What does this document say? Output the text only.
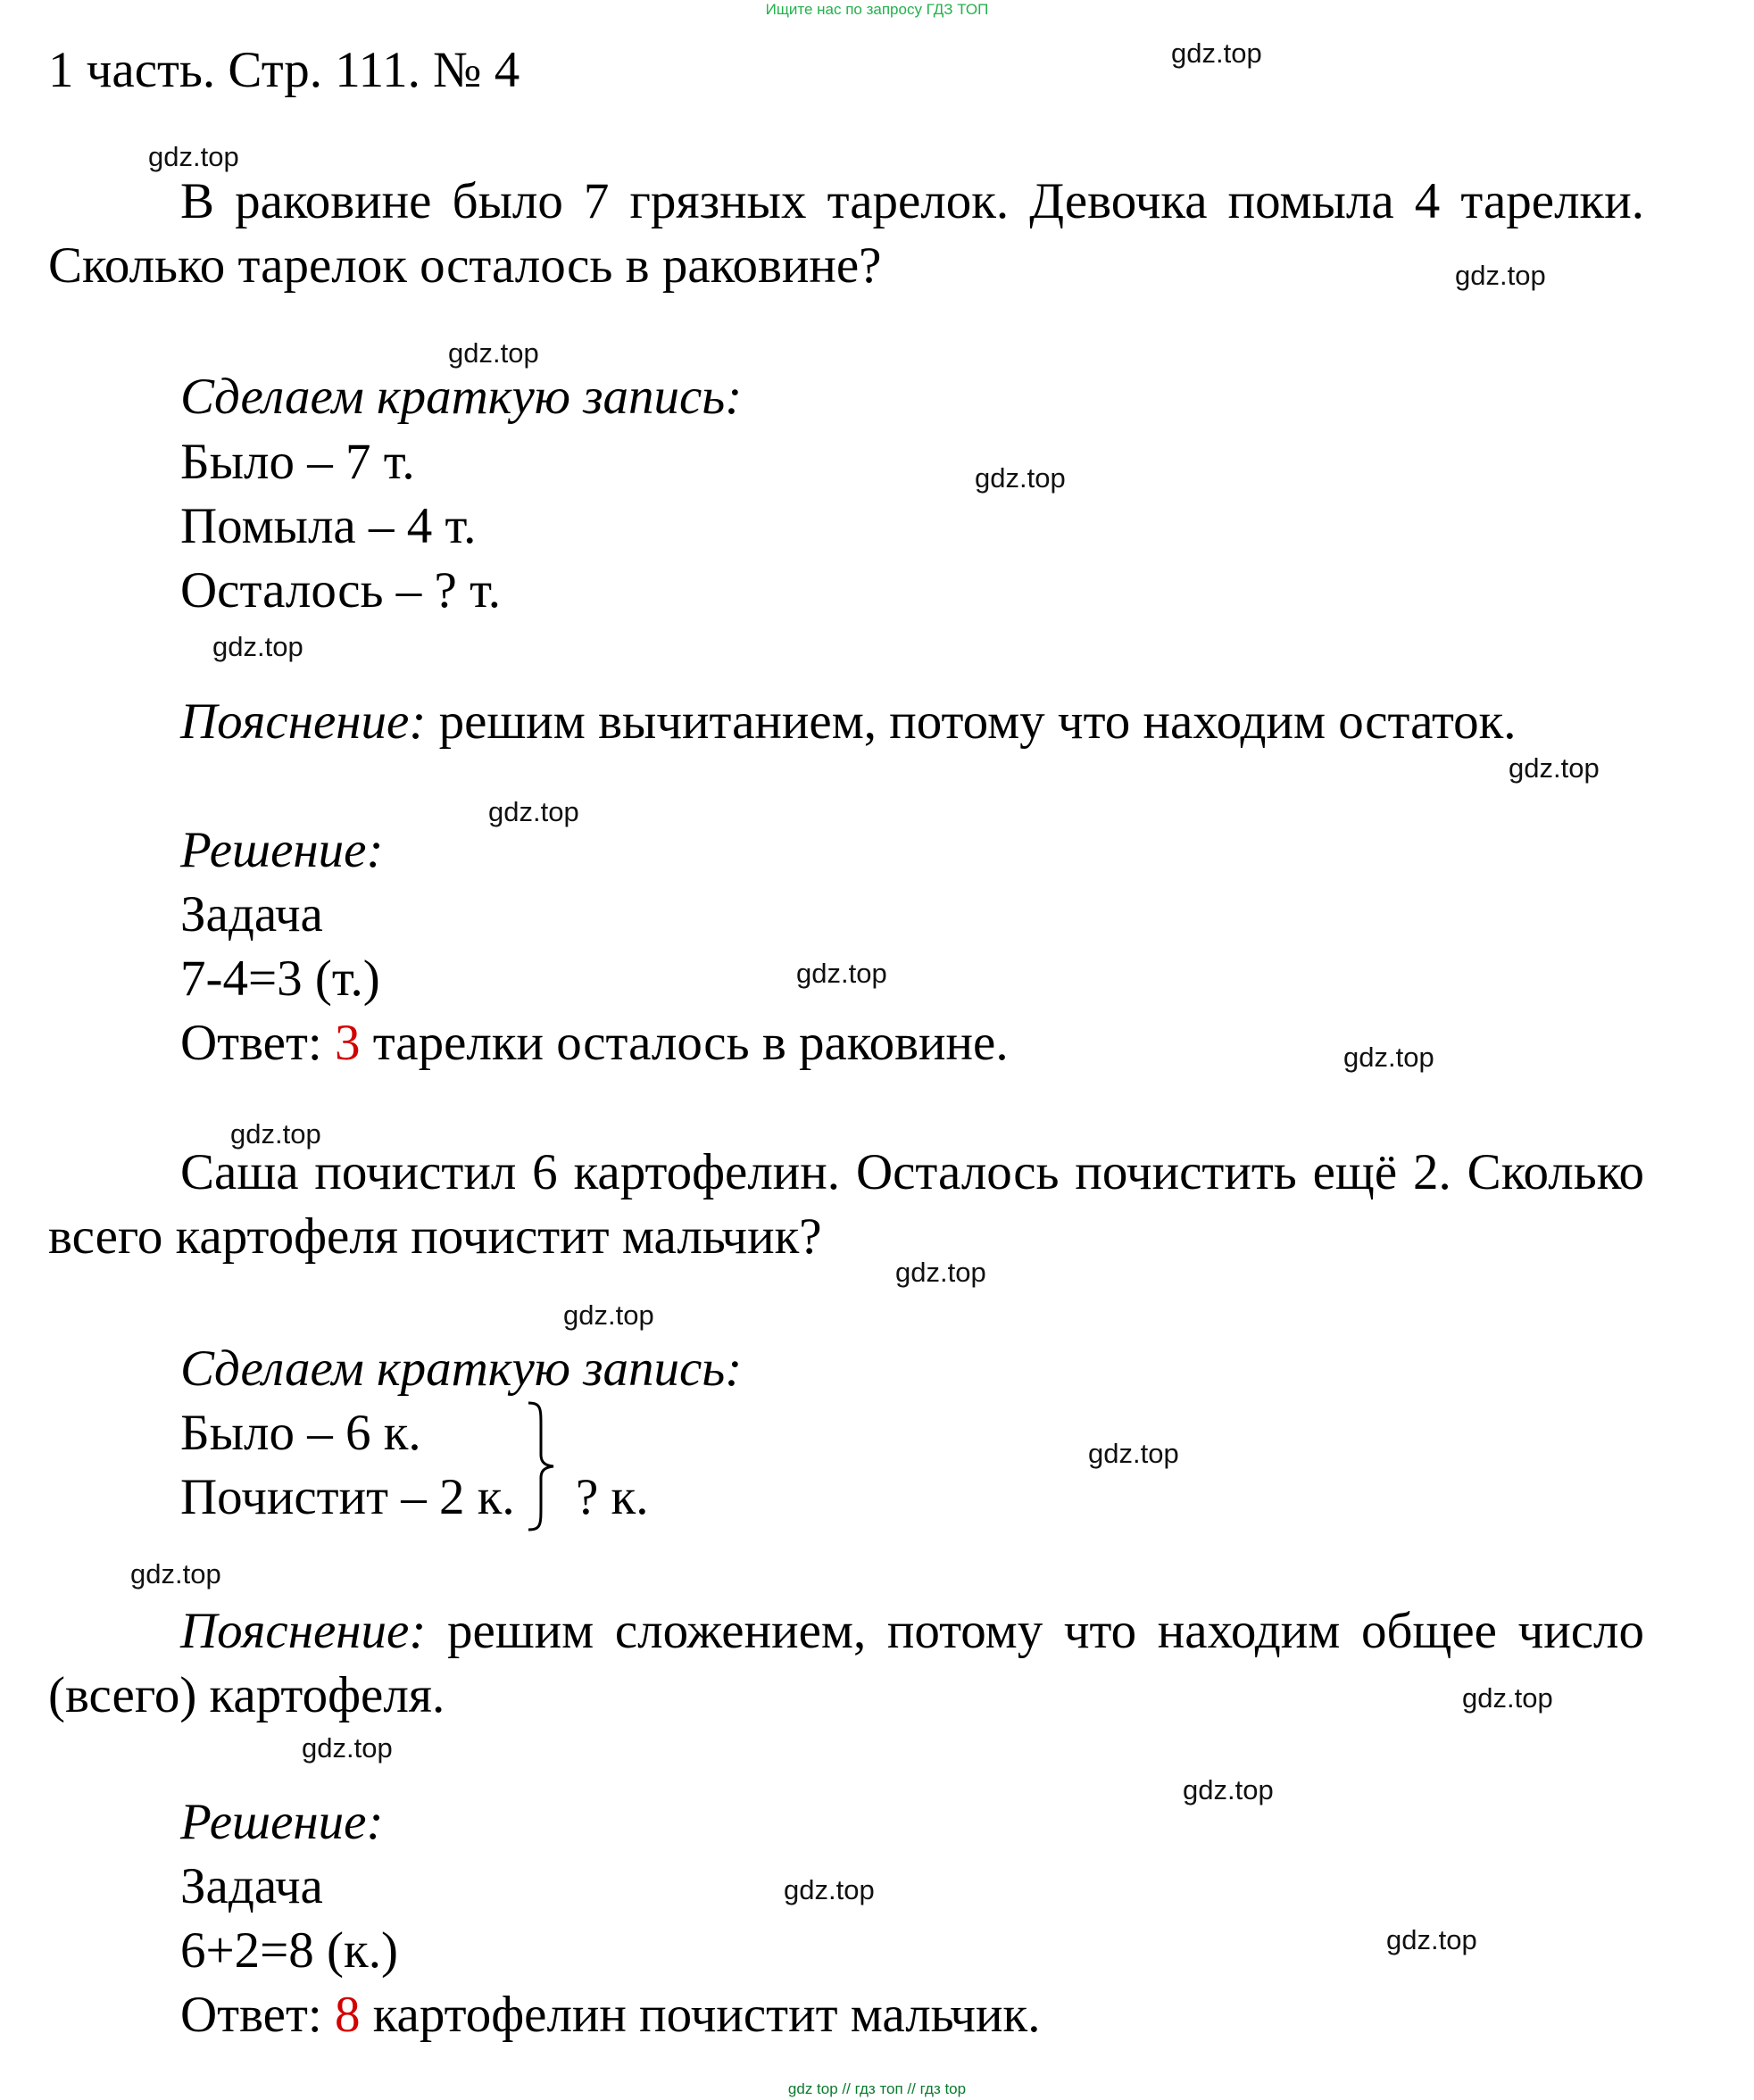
Ищите нас по запросу ГДЗ ТОП
1 часть. Стр. 111. № 4
В раковине было 7 грязных тарелок. Девочка помыла 4 тарелки. Сколько тарелок осталось в раковине?
Сделаем краткую запись:
Было – 7 т.
Помыла – 4 т.
Осталось – ? т.
Пояснение: решим вычитанием, потому что находим остаток.
Решение:
Задача
7-4=3 (т.)
Ответ: 3 тарелки осталось в раковине.
Саша почистил 6 картофелин. Осталось почистить ещё 2. Сколько всего картофеля почистит мальчик?
Сделаем краткую запись:
Было – 6 к.
Почистит – 2 к. ? к.
Пояснение: решим сложением, потому что находим общее число (всего) картофеля.
Решение:
Задача
6+2=8 (к.)
Ответ: 8 картофелин почистит мальчик.
gdz.top
gdz.top
gdz.top
gdz.top
gdz.top
gdz.top
gdz.top
gdz.top
gdz.top
gdz.top
gdz.top
gdz.top
gdz.top
gdz.top
gdz.top
gdz.top
gdz.top
gdz.top
gdz.top
gdz.top
gdz top // гдз топ // гдз top
